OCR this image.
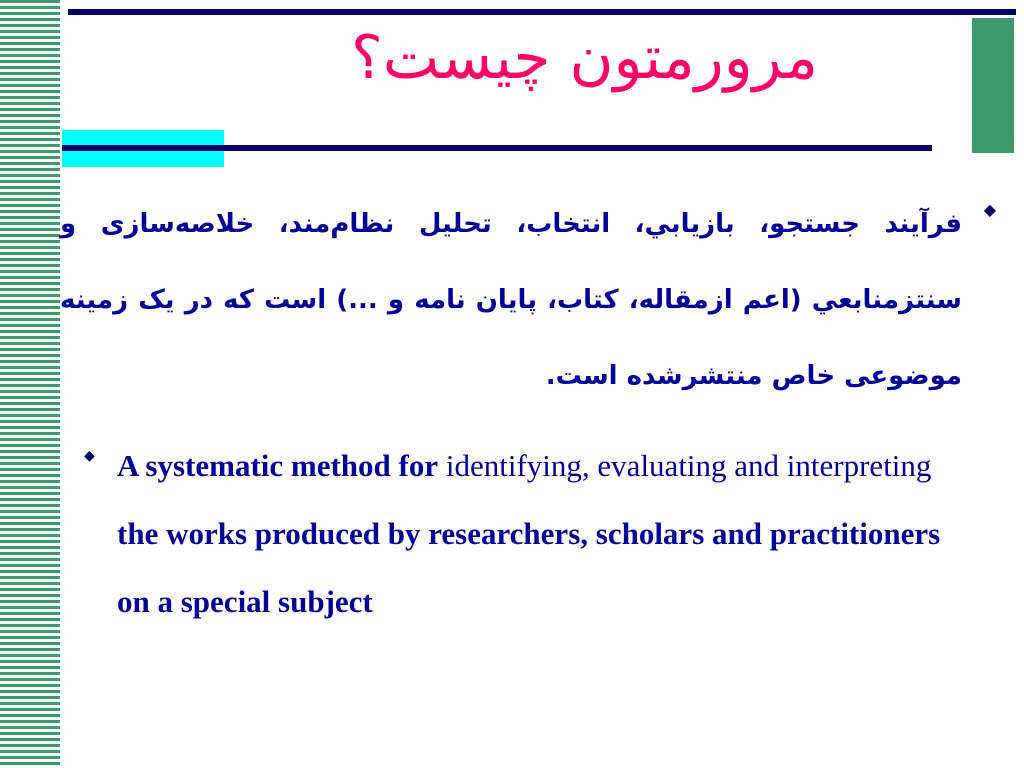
مرورمتون چیست؟
◆
فرآيند جستجو، بازيابي، انتخاب، تحليل نظام‌مند، خلاصه‌سازی و سنتزمنابعي (اعم ازمقاله، کتاب، پايان نامه و ...) است که در یک زمینه موضوعی خاص منتشرشده است.
◆ A systematic method for identifying, evaluating and interpreting the works produced by researchers, scholars and practitioners on a special subject
